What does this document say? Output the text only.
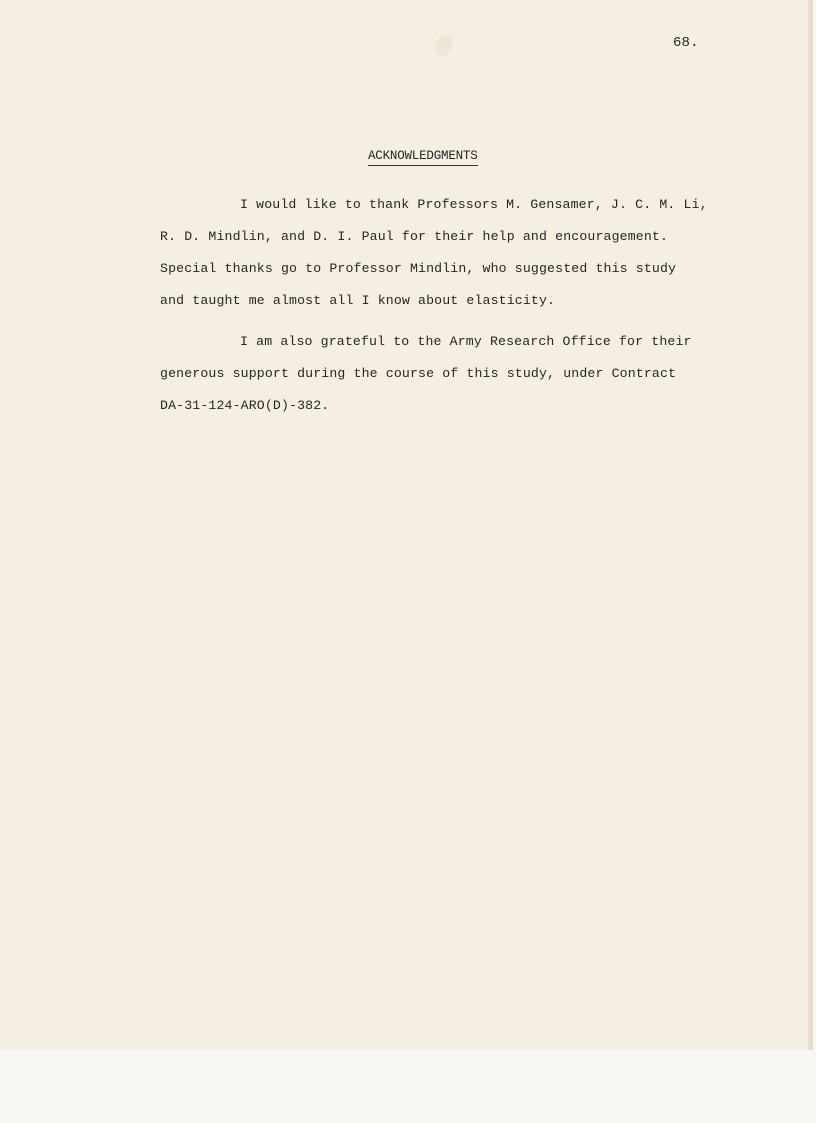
68.
ACKNOWLEDGMENTS
I would like to thank Professors M. Gensamer, J. C. M. Li,
R. D. Mindlin, and D. I. Paul for their help and encouragement.
Special thanks go to Professor Mindlin, who suggested this study
and taught me almost all I know about elasticity.
I am also grateful to the Army Research Office for their
generous support during the course of this study, under Contract
DA-31-124-ARO(D)-382.
